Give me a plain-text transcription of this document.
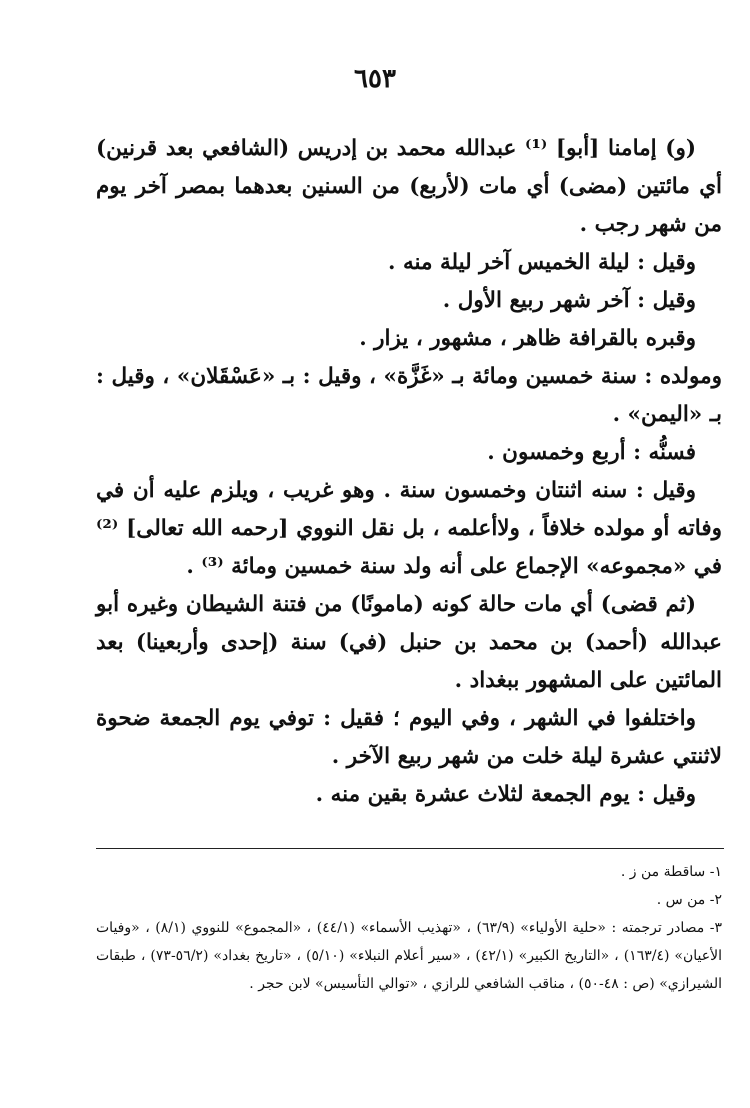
٦٥٣

(و) إمامنا [أبو] ⁽¹⁾ عبدالله محمد بن إدريس (الشافعي بعد قرنين) أي مائتين (مضى) أي مات (لأربع) من السنين بعدهما بمصر آخر يوم من شهر رجب .

وقيل : ليلة الخميس آخر ليلة منه .

وقيل : آخر شهر ربيع الأول .

وقبره بالقرافة ظاهر ، مشهور ، يزار .

ومولده : سنة خمسين ومائة بـ «غَزَّة» ، وقيل : بـ «عَسْقَلان» ، وقيل : بـ «اليمن» .

فسنُّه : أربع وخمسون .

وقيل : سنه اثنتان وخمسون سنة . وهو غريب ، ويلزم عليه أن في وفاته أو مولده خلافاً ، ولاأعلمه ، بل نقل النووي [رحمه الله تعالى] ⁽²⁾ في «مجموعه» الإجماع على أنه ولد سنة خمسين ومائة ⁽³⁾ .

(ثم قضى) أي مات حالة كونه (مامونًا) من فتنة الشيطان وغيره أبو عبدالله (أحمد) بن محمد بن حنبل (في) سنة (إحدى وأربعينا) بعد المائتين على المشهور ببغداد .

واختلفوا في الشهر ، وفي اليوم ؛ فقيل : توفي يوم الجمعة ضحوة لاثنتي عشرة ليلة خلت من شهر ربيع الآخر .

وقيل : يوم الجمعة لثلاث عشرة بقين منه .

١- ساقطة من ز .

٢- من س .

٣- مصادر ترجمته : «حلية الأولياء» (٦٣/٩) ، «تهذيب الأسماء» (٤٤/١) ، «المجموع» للنووي (٨/١) ، «وفيات الأعيان» (١٦٣/٤) ، «التاريخ الكبير» (٤٢/١) ، «سير أعلام النبلاء» (٥/١٠) ، «تاريخ بغداد» (٥٦/٢-٧٣) ، طبقات الشيرازي» (ص : ٤٨-٥٠) ، مناقب الشافعي للرازي ، «توالي التأسيس» لابن حجر .
